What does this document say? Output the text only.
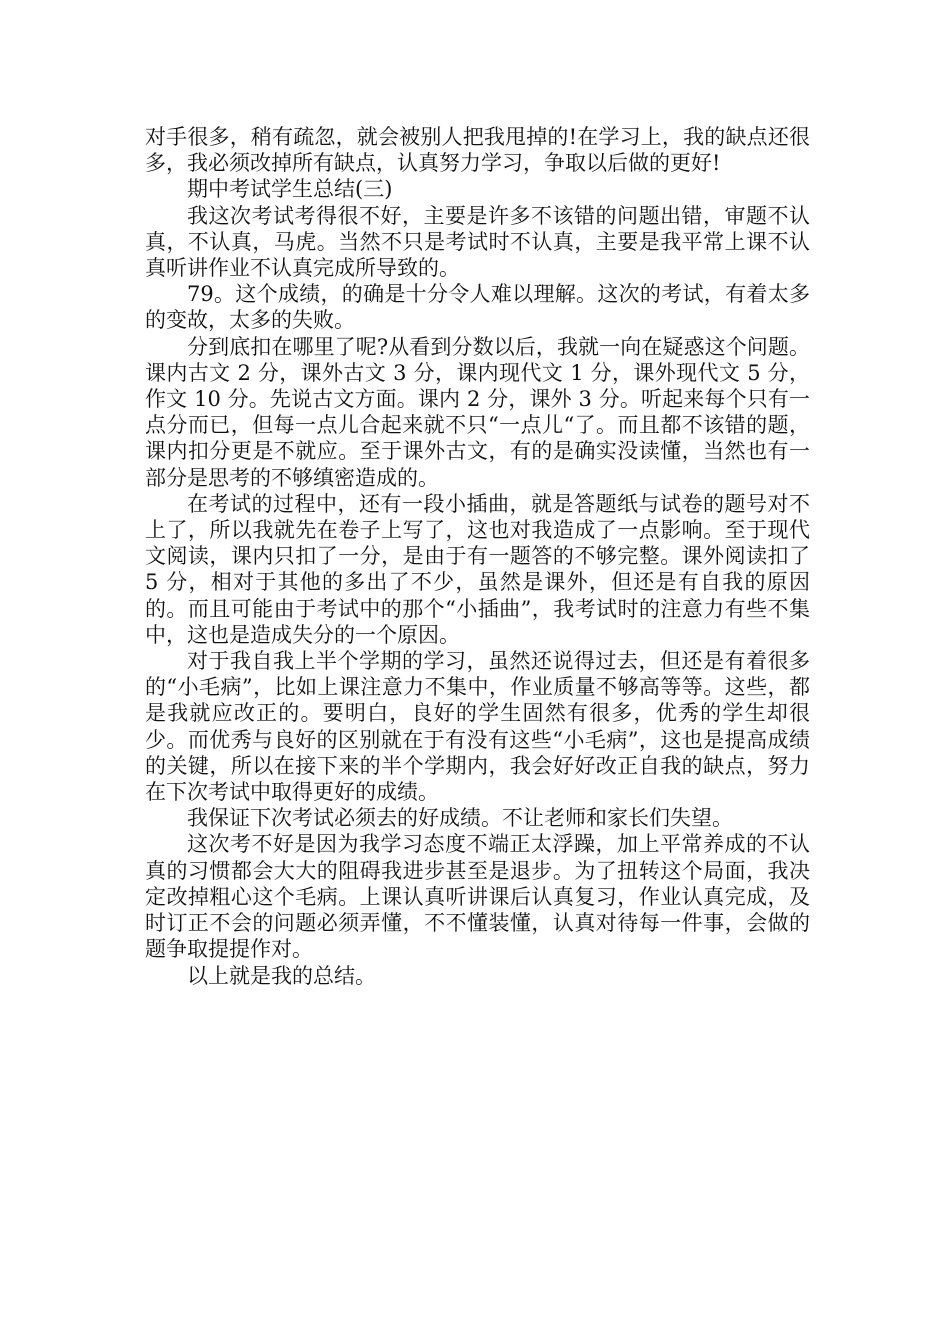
对手很多，稍有疏忽，就会被别人把我甩掉的!在学习上，我的缺点还很多，我必须改掉所有缺点，认真努力学习，争取以后做的更好!

期中考试学生总结(三)

我这次考试考得很不好，主要是许多不该错的问题出错，审题不认真，不认真，马虎。当然不只是考试时不认真，主要是我平常上课不认真听讲作业不认真完成所导致的。

79。这个成绩，的确是十分令人难以理解。这次的考试，有着太多的变故，太多的失败。

分到底扣在哪里了呢?从看到分数以后，我就一向在疑惑这个问题。课内古文 2 分，课外古文 3 分，课内现代文 1 分，课外现代文 5 分，作文 10 分。先说古文方面。课内 2 分，课外 3 分。听起来每个只有一点分而已，但每一点儿合起来就不只“一点儿“了。而且都不该错的题，课内扣分更是不就应。至于课外古文，有的是确实没读懂，当然也有一部分是思考的不够缜密造成的。

在考试的过程中，还有一段小插曲，就是答题纸与试卷的题号对不上了，所以我就先在卷子上写了，这也对我造成了一点影响。至于现代文阅读，课内只扣了一分，是由于有一题答的不够完整。课外阅读扣了 5 分，相对于其他的多出了不少，虽然是课外，但还是有自我的原因的。而且可能由于考试中的那个“小插曲”，我考试时的注意力有些不集中，这也是造成失分的一个原因。

对于我自我上半个学期的学习，虽然还说得过去，但还是有着很多的“小毛病”，比如上课注意力不集中，作业质量不够高等等。这些，都是我就应改正的。要明白，良好的学生固然有很多，优秀的学生却很少。而优秀与良好的区别就在于有没有这些“小毛病”，这也是提高成绩的关键，所以在接下来的半个学期内，我会好好改正自我的缺点，努力在下次考试中取得更好的成绩。

我保证下次考试必须去的好成绩。不让老师和家长们失望。

这次考不好是因为我学习态度不端正太浮躁，加上平常养成的不认真的习惯都会大大的阻碍我进步甚至是退步。为了扭转这个局面，我决定改掉粗心这个毛病。上课认真听讲课后认真复习，作业认真完成，及时订正不会的问题必须弄懂，不不懂装懂，认真对待每一件事，会做的题争取提提作对。

以上就是我的总结。
